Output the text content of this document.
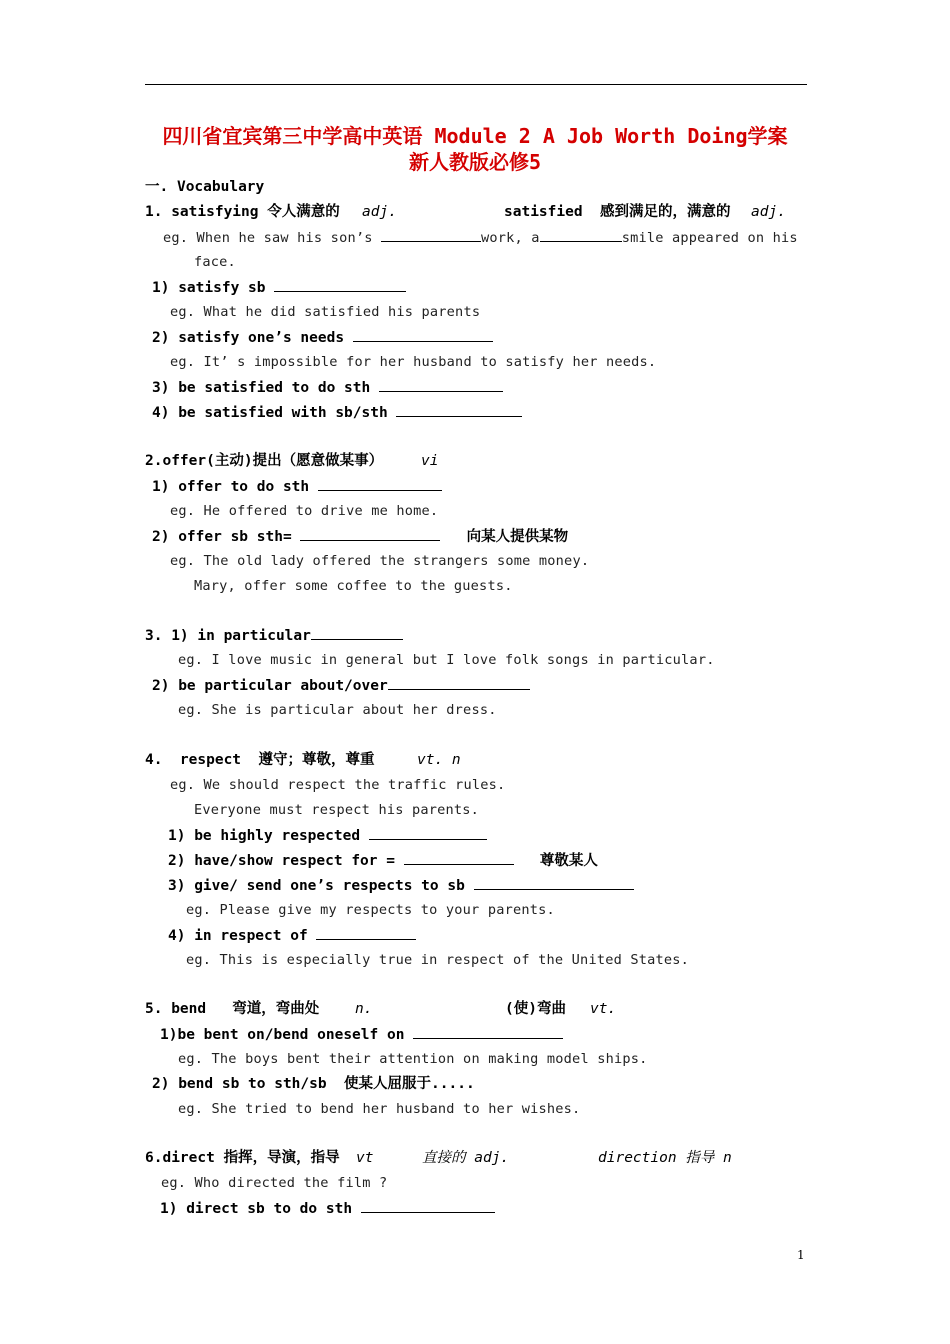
四川省宜宾第三中学高中英语 Module 2 A Job Worth Doing学案
新人教版必修5
一. Vocabulary
1. satisfying 令人满意的 adj.	satisfied  感到满足的，满意的 adj.
eg. When he saw his son’s	work, a	smile appeared on his
face.
1) satisfy sb
eg. What he did satisfied his parents
2) satisfy one’s needs
eg. It’ s impossible for her husband to satisfy her needs.
3) be satisfied to do sth
4) be satisfied with sb/sth
2.offer(主动)提出（愿意做某事）	vi
1) offer to do sth
eg. He offered to drive me home.
2) offer sb sth=	向某人提供某物
eg. The old lady offered the strangers some money.
Mary, offer some coffee to the guests.
3. 1) in particular
eg. I love music in general but I love folk songs in particular.
2) be particular about/over
eg. She is particular about her dress.
4.  respect  遵守；尊敬，尊重	vt. n
eg. We should respect the traffic rules.
Everyone must respect his parents.
1) be highly respected
2) have/show respect for =	尊敬某人
3) give/ send one’s respects to sb
eg. Please give my respects to your parents.
4) in respect of
eg. This is especially true in respect of the United States.
5. bend   弯道，弯曲处 n.	(使)弯曲 vt.
1)be bent on/bend oneself on
eg. The boys bent their attention on making model ships.
2) bend sb to sth/sb  使某人屈服于.....
eg. She tried to bend her husband to her wishes.
6.direct 指挥，导演，指导 vt	直接的 adj.	direction 指导 n
eg. Who directed the film ?
1) direct sb to do sth
1
